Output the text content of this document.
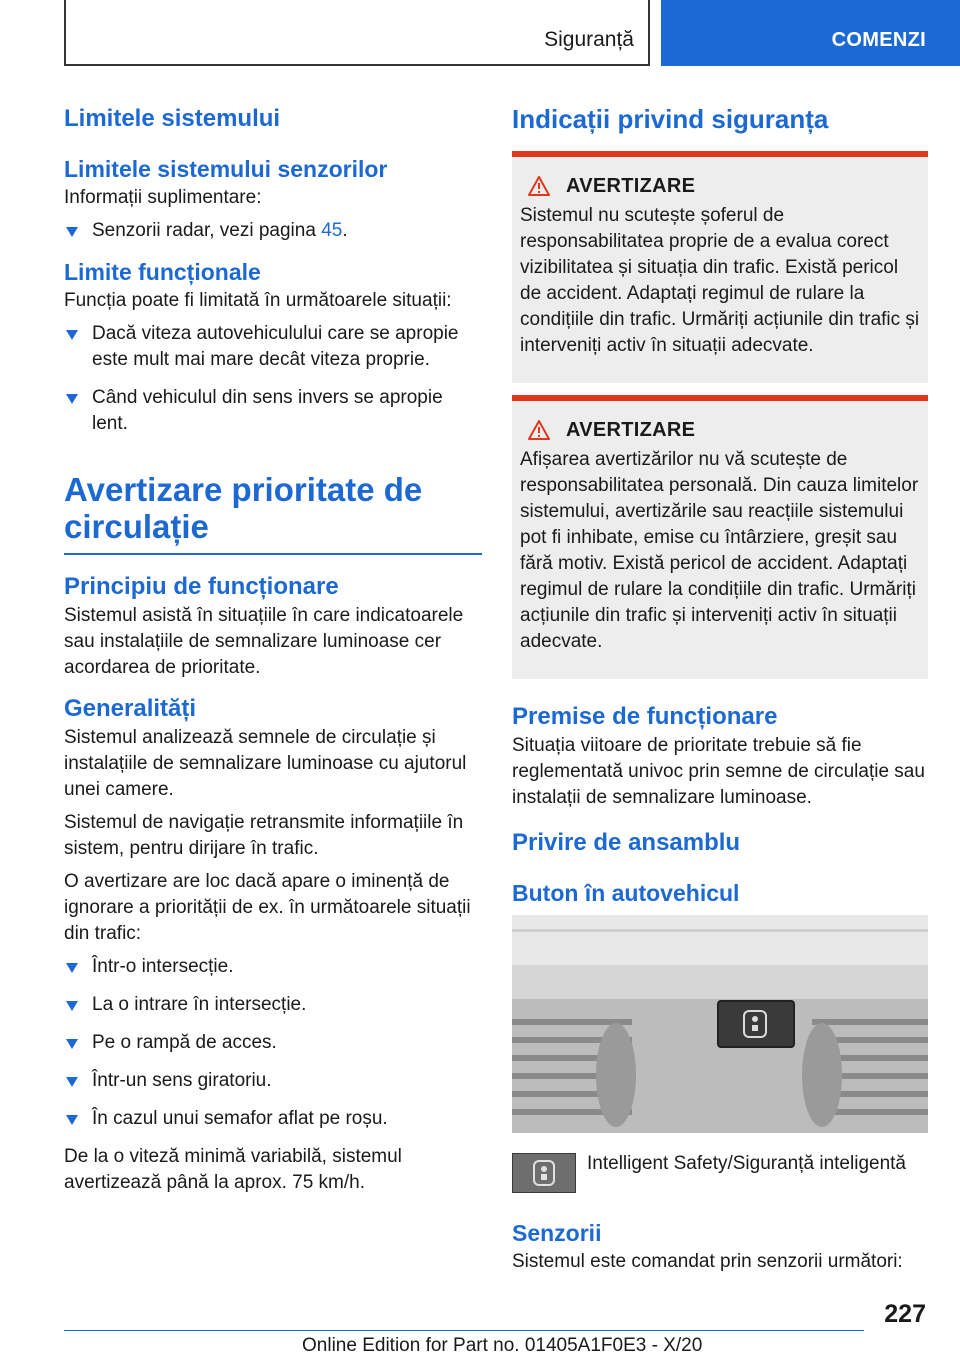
Siguranță	COMENZI
Limitele sistemului
Limitele sistemului senzorilor
Informații suplimentare:
Senzorii radar, vezi pagina 45.
Limite funcționale
Funcția poate fi limitată în următoarele situații:
Dacă viteza autovehiculului care se apropie este mult mai mare decât viteza proprie.
Când vehiculul din sens invers se apropie lent.
Avertizare prioritate de circulație
Principiu de funcționare
Sistemul asistă în situațiile în care indicatoarele sau instalațiile de semnalizare luminoase cer acordarea de prioritate.
Generalități
Sistemul analizează semnele de circulație și instalațiile de semnalizare luminoase cu ajutorul unei camere.
Sistemul de navigație retransmite informațiile în sistem, pentru dirijare în trafic.
O avertizare are loc dacă apare o iminență de ignorare a priorității de ex. în următoarele situații din trafic:
Într-o intersecție.
La o intrare în intersecție.
Pe o rampă de acces.
Într-un sens giratoriu.
În cazul unui semafor aflat pe roșu.
De la o viteză minimă variabilă, sistemul avertizează până la aprox. 75 km/h.
Indicații privind siguranța
AVERTIZARE
Sistemul nu scutește șoferul de responsabilitatea proprie de a evalua corect vizibilitatea și situația din trafic. Există pericol de accident. Adaptați regimul de rulare la condițiile din trafic. Urmăriți acțiunile din trafic și interveniți activ în situații adecvate.
AVERTIZARE
Afișarea avertizărilor nu vă scutește de responsabilitatea personală. Din cauza limitelor sistemului, avertizările sau reacțiile sistemului pot fi inhibate, emise cu întârziere, greșit sau fără motiv. Există pericol de accident. Adaptați regimul de rulare la condițiile din trafic. Urmăriți acțiunile din trafic și interveniți activ în situații adecvate.
Premise de funcționare
Situația viitoare de prioritate trebuie să fie reglementată univoc prin semne de circulație sau instalații de semnalizare luminoase.
Privire de ansamblu
Buton în autovehicul
Intelligent Safety/Siguranță inteligentă
Senzorii
Sistemul este comandat prin senzorii următori:
227
Online Edition for Part no. 01405A1F0E3 - X/20
